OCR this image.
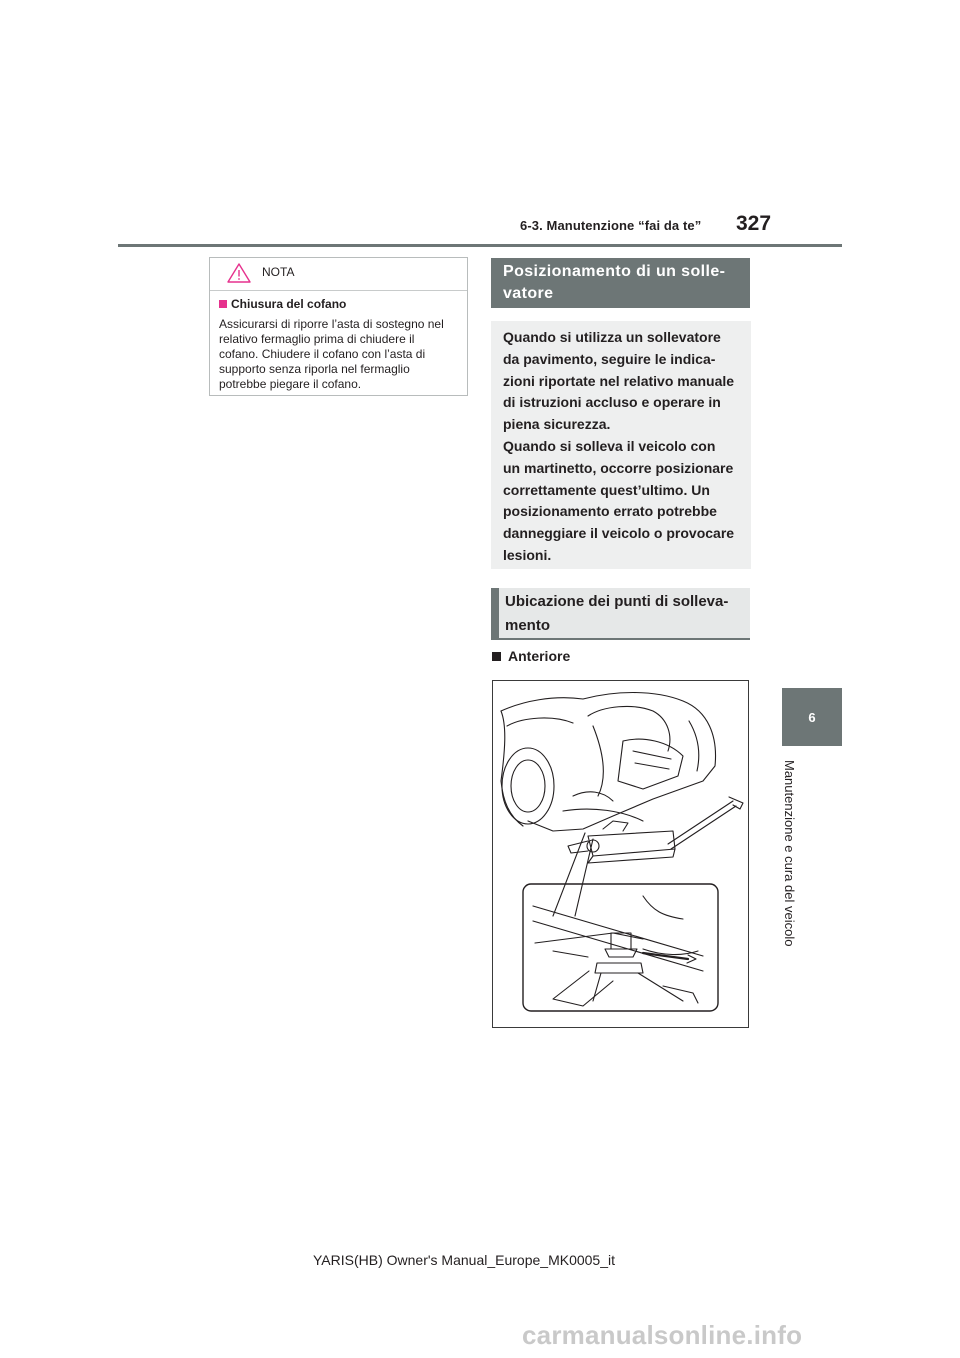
6-3. Manutenzione “fai da te” 327
6
Manutenzione e cura del veicolo
NOTA
Chiusura del cofano
Assicurarsi di riporre l’asta di sostegno nel relativo fermaglio prima di chiudere il cofano. Chiudere il cofano con l’asta di supporto senza riporla nel fermaglio potrebbe piegare il cofano.
Posizionamento di un solle-vatore

Quando si utilizza un sollevatore

da pavimento, seguire le indica-

zioni riportate nel relativo manuale

di istruzioni accluso e operare in

piena sicurezza.

Quando si solleva il veicolo con

un martinetto, occorre posizionare

correttamente quest’ultimo. Un

posizionamento errato potrebbe

danneggiare il veicolo o provocare

lesioni.

Ubicazione dei punti di solleva-mento
Anteriore
YARIS(HB) Owner's Manual_Europe_MK0005_it
carmanualsonline.info
